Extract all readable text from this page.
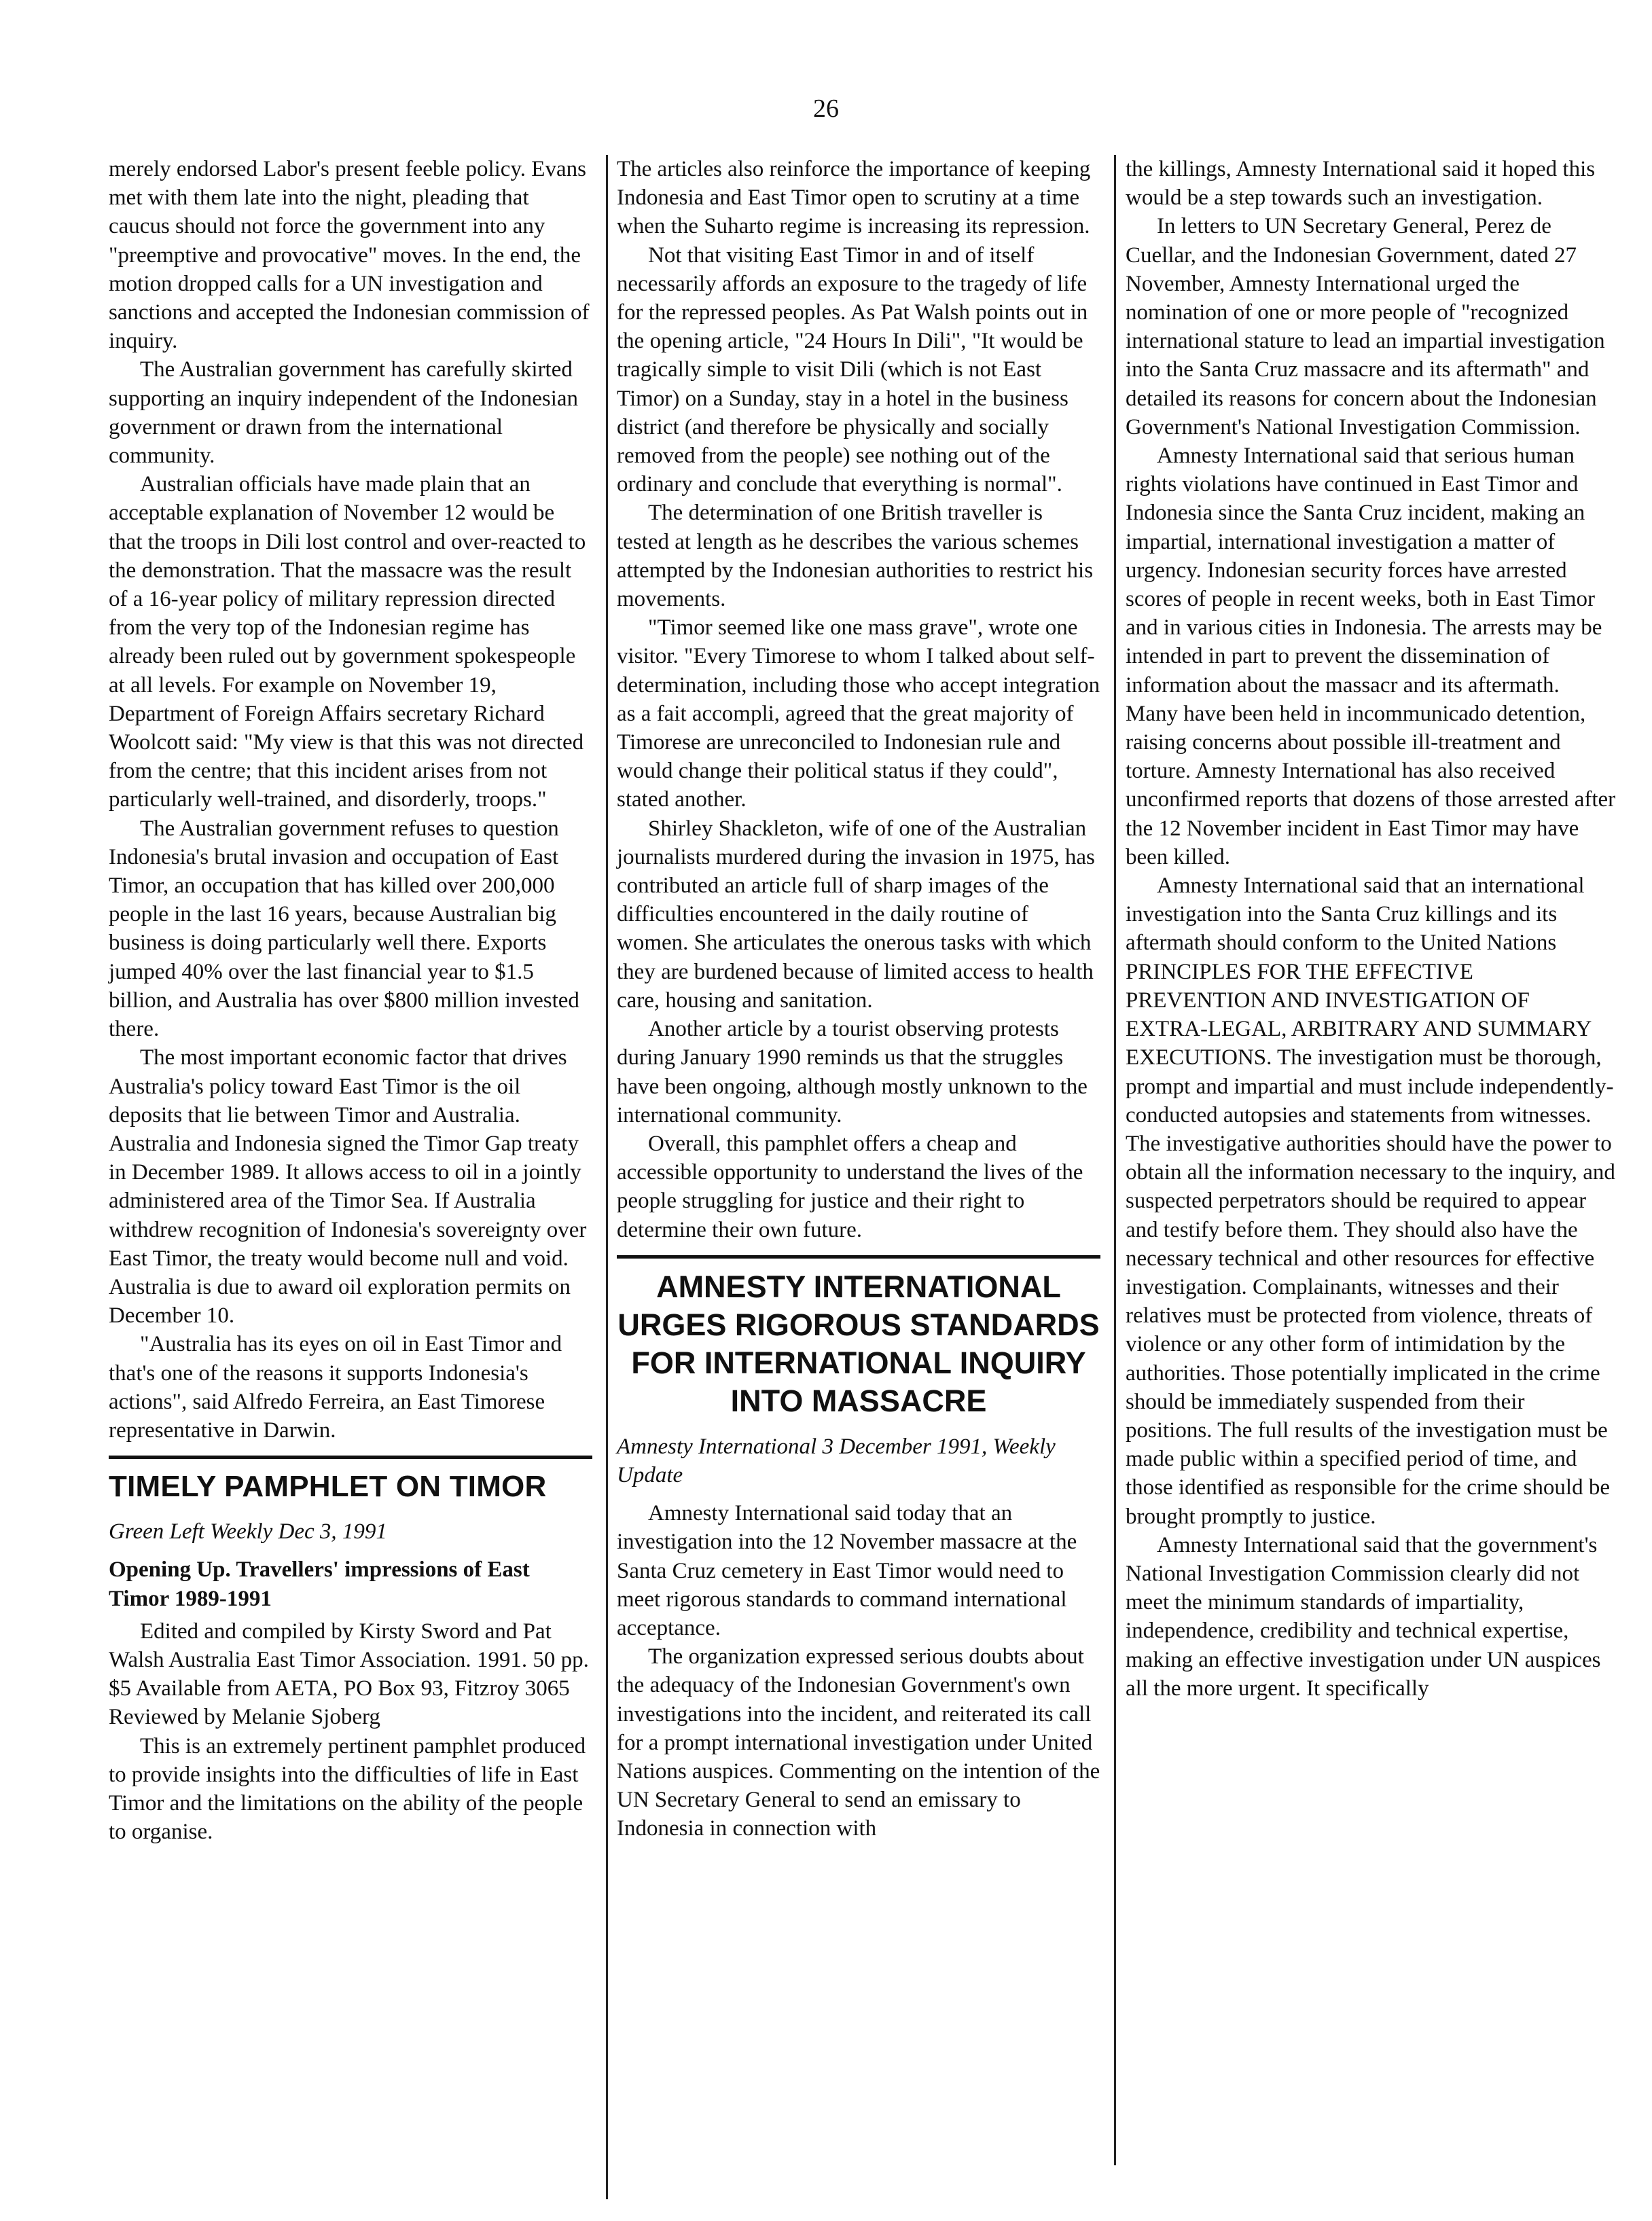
26

merely endorsed Labor's present feeble policy. Evans met with them late into the night, pleading that caucus should not force the government into any "preemptive and provocative" moves. In the end, the motion dropped calls for a UN investigation and sanctions and accepted the Indonesian commission of inquiry.

The Australian government has carefully skirted supporting an inquiry independent of the Indonesian government or drawn from the international community.

Australian officials have made plain that an acceptable explanation of November 12 would be that the troops in Dili lost control and over-reacted to the demonstration. That the massacre was the result of a 16-year policy of military repression directed from the very top of the Indonesian regime has already been ruled out by government spokespeople at all levels. For example on November 19, Department of Foreign Affairs secretary Richard Woolcott said: "My view is that this was not directed from the centre; that this incident arises from not particularly well-trained, and disorderly, troops."

The Australian government refuses to question Indonesia's brutal invasion and occupation of East Timor, an occupation that has killed over 200,000 people in the last 16 years, because Australian big business is doing particularly well there. Exports jumped 40% over the last financial year to $1.5 billion, and Australia has over $800 million invested there.

The most important economic factor that drives Australia's policy toward East Timor is the oil deposits that lie between Timor and Australia. Australia and Indonesia signed the Timor Gap treaty in December 1989. It allows access to oil in a jointly administered area of the Timor Sea. If Australia withdrew recognition of Indonesia's sovereignty over East Timor, the treaty would become null and void. Australia is due to award oil exploration permits on December 10.

"Australia has its eyes on oil in East Timor and that's one of the reasons it supports Indonesia's actions", said Alfredo Ferreira, an East Timorese representative in Darwin.

TIMELY PAMPHLET ON TIMOR

Green Left Weekly Dec 3, 1991

Opening Up. Travellers' impressions of East Timor 1989-1991

Edited and compiled by Kirsty Sword and Pat Walsh Australia East Timor Association. 1991. 50 pp. $5 Available from AETA, PO Box 93, Fitzroy 3065 Reviewed by Melanie Sjoberg

This is an extremely pertinent pamphlet produced to provide insights into the difficulties of life in East Timor and the limitations on the ability of the people to organise.

The articles also reinforce the importance of keeping Indonesia and East Timor open to scrutiny at a time when the Suharto regime is increasing its repression.

Not that visiting East Timor in and of itself necessarily affords an exposure to the tragedy of life for the repressed peoples. As Pat Walsh points out in the opening article, "24 Hours In Dili", "It would be tragically simple to visit Dili (which is not East Timor) on a Sunday, stay in a hotel in the business district (and therefore be physically and socially removed from the people) see nothing out of the ordinary and conclude that everything is normal".

The determination of one British traveller is tested at length as he describes the various schemes attempted by the Indonesian authorities to restrict his movements.

"Timor seemed like one mass grave", wrote one visitor. "Every Timorese to whom I talked about self-determination, including those who accept integration as a fait accompli, agreed that the great majority of Timorese are unreconciled to Indonesian rule and would change their political status if they could", stated another.

Shirley Shackleton, wife of one of the Australian journalists murdered during the invasion in 1975, has contributed an article full of sharp images of the difficulties encountered in the daily routine of women. She articulates the onerous tasks with which they are burdened because of limited access to health care, housing and sanitation.

Another article by a tourist observing protests during January 1990 reminds us that the struggles have been ongoing, although mostly unknown to the international community.

Overall, this pamphlet offers a cheap and accessible opportunity to understand the lives of the people struggling for justice and their right to determine their own future.

AMNESTY INTERNATIONAL URGES RIGOROUS STANDARDS FOR INTERNATIONAL INQUIRY INTO MASSACRE

Amnesty International 3 December 1991, Weekly Update

Amnesty International said today that an investigation into the 12 November massacre at the Santa Cruz cemetery in East Timor would need to meet rigorous standards to command international acceptance.

The organization expressed serious doubts about the adequacy of the Indonesian Government's own investigations into the incident, and reiterated its call for a prompt international investigation under United Nations auspices. Commenting on the intention of the UN Secretary General to send an emissary to Indonesia in connection with

the killings, Amnesty International said it hoped this would be a step towards such an investigation.

In letters to UN Secretary General, Perez de Cuellar, and the Indonesian Government, dated 27 November, Amnesty International urged the nomination of one or more people of "recognized international stature to lead an impartial investigation into the Santa Cruz massacre and its aftermath" and detailed its reasons for concern about the Indonesian Government's National Investigation Commission.

Amnesty International said that serious human rights violations have continued in East Timor and Indonesia since the Santa Cruz incident, making an impartial, international investigation a matter of urgency. Indonesian security forces have arrested scores of people in recent weeks, both in East Timor and in various cities in Indonesia. The arrests may be intended in part to prevent the dissemination of information about the massacr and its aftermath. Many have been held in incommunicado detention, raising concerns about possible ill-treatment and torture. Amnesty International has also received unconfirmed reports that dozens of those arrested after the 12 November incident in East Timor may have been killed.

Amnesty International said that an international investigation into the Santa Cruz killings and its aftermath should conform to the United Nations PRINCIPLES FOR THE EFFECTIVE PREVENTION AND INVESTIGATION OF EXTRA-LEGAL, ARBITRARY AND SUMMARY EXECUTIONS. The investigation must be thorough, prompt and impartial and must include independently-conducted autopsies and statements from witnesses. The investigative authorities should have the power to obtain all the information necessary to the inquiry, and suspected perpetrators should be required to appear and testify before them. They should also have the necessary technical and other resources for effective investigation. Complainants, witnesses and their relatives must be protected from violence, threats of violence or any other form of intimidation by the authorities. Those potentially implicated in the crime should be immediately suspended from their positions. The full results of the investigation must be made public within a specified period of time, and those identified as responsible for the crime should be brought promptly to justice.

Amnesty International said that the government's National Investigation Commission clearly did not meet the minimum standards of impartiality, independence, credibility and technical expertise, making an effective investigation under UN auspices all the more urgent. It specifically
